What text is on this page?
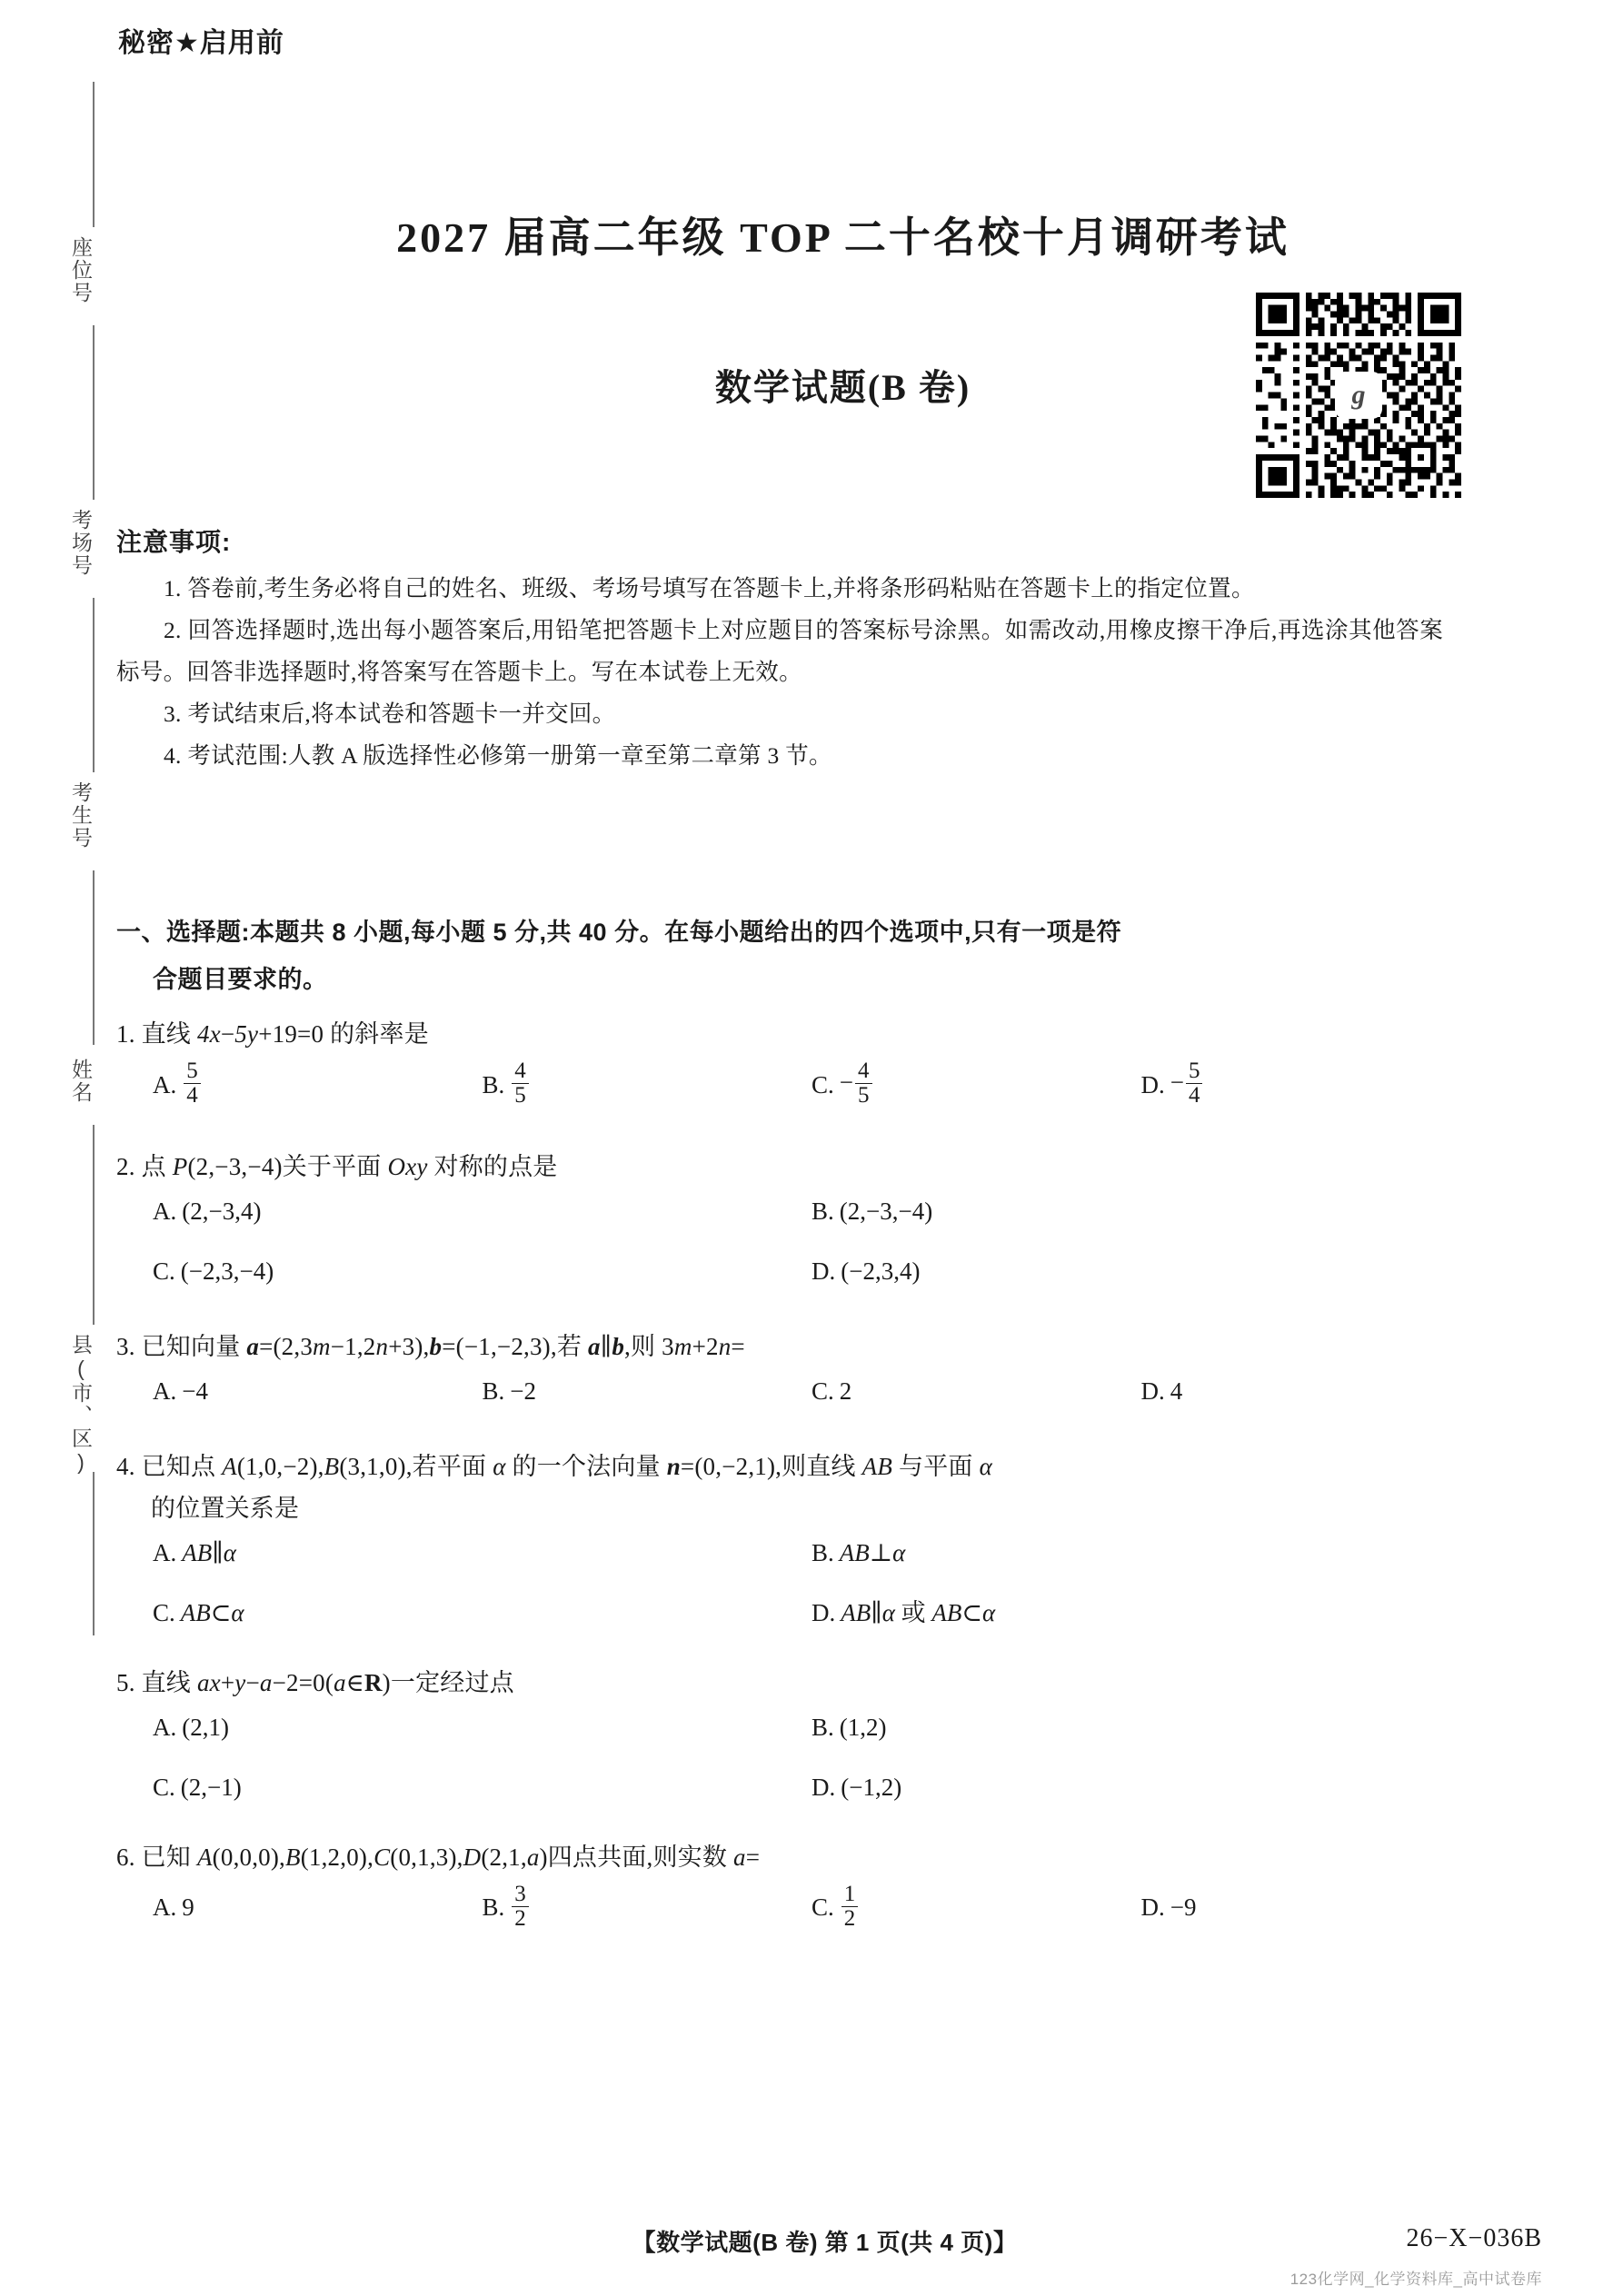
秘密★启用前
座位号
考场号
考生号
姓名
县(市、区)
2027 届高二年级 TOP 二十名校十月调研考试
数学试题(B 卷)	g
注意事项:

1. 答卷前,考生务必将自己的姓名、班级、考场号填写在答题卡上,并将条形码粘贴在答题卡上的指定位置。

2. 回答选择题时,选出每小题答案后,用铅笔把答题卡上对应题目的答案标号涂黑。如需改动,用橡皮擦干净后,再选涂其他答案标号。回答非选择题时,将答案写在答题卡上。写在本试卷上无效。

3. 考试结束后,将本试卷和答题卡一并交回。

4. 考试范围:人教 A 版选择性必修第一册第一章至第二章第 3 节。

一、选择题:本题共 8 小题,每小题 5 分,共 40 分。在每小题给出的四个选项中,只有一项是符
合题目要求的。
1. 直线 4x−5y+19=0 的斜率是
A. $\frac{5}{4}$	B. $\frac{4}{5}$	C. − $\frac{4}{5}$	D. − $\frac{5}{4}$
2. 点 P(2,−3,−4)关于平面 Oxy 对称的点是
A. (2,−3,4)	B. (2,−3,−4)
C. (−2,3,−4)	D. (−2,3,4)
3. 已知向量 a=(2,3m−1,2n+3),b=(−1,−2,3),若 a∥b,则 3m+2n=
A. −4	B. −2	C. 2	D. 4
4. 已知点 A(1,0,−2),B(3,1,0),若平面 α 的一个法向量 n=(0,−2,1),则直线 AB 与平面 α
的位置关系是
A. AB∥α	B. AB⊥α
C. AB⊂α	D. AB∥α 或 AB⊂α
5. 直线 ax+y−a−2=0(a∈R)一定经过点
A. (2,1)	B. (1,2)
C. (2,−1)	D. (−1,2)
6. 已知 A(0,0,0),B(1,2,0),C(0,1,3),D(2,1,a)四点共面,则实数 a=
A. 9	B. $\frac{3}{2}$	C. $\frac{1}{2}$	D. −9
【数学试题(B 卷) 第 1 页(共 4 页)】	26−X−036B
123化学网_化学资料库_高中试卷库
